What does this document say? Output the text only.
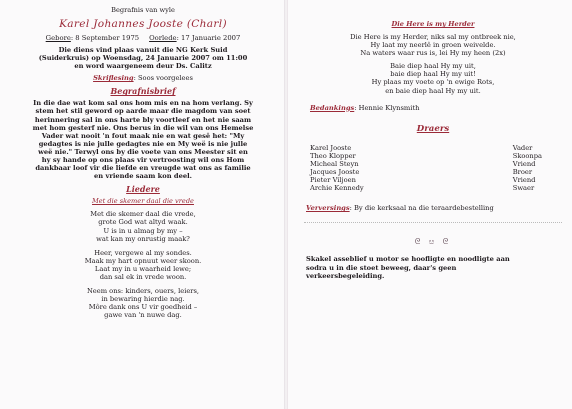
Begrafnis van wyle
Karel Johannes Jooste (Charl)
Gebore: 8 September 1975 Oorlede: 17 Januarie 2007
Die diens vind plaas vanuit die NG Kerk Suid
(Suiderkruis) op Woensdag, 24 Januarie 2007 om 11:00
en word waargeneem deur Ds. Calitz
Skriflesing: Soos voorgelees
Begrafnisbrief
In die dae wat kom sal ons hom mis en na hom verlang. Sy
stem het stil geword op aarde maar die magdom van soet
herinnering sal in ons harte bly voortleef en het nie saam
met hom gesterf nie. Ons berus in die wil van ons Hemelse
Vader wat nooit 'n fout maak nie en wat gesê het: "My
gedagtes is nie julle gedagtes nie en My weë is nie julle
weë nie." Terwyl ons by die voete van ons Meester sit en
hy sy hande op ons plaas vir vertroosting wil ons Hom
dankbaar loof vir die liefde en vreugde wat ons as familie
en vriende saam kon deel.
Liedere
Met die skemer daal die vrede
Met die skemer daal die vrede,
grote God wat altyd waak.
U is in u almag by my –
wat kan my onrustig maak?
Heer, vergewe al my sondes.
Maak my hart opnuut weer skoon.
Laat my in u waarheid lewe;
dan sal ek in vrede woon.
Neem ons: kinders, ouers, leiers,
in bewaring hierdie nag.
Môre dank ons U vir goedheid –
gawe van 'n nuwe dag.
Die Here is my Herder
Die Here is my Herder, niks sal my ontbreek nie,
Hy laat my neerlê in groen weivelde.
Na waters waar rus is, lei Hy my heen (2x)
Baie diep haal Hy my uit,
baie diep haal Hy my uit!
Hy plaas my voete op 'n ewige Rots,
en baie diep haal Hy my uit.
Bedankings: Hennie Klynsmith
Draers
Karel Jooste
Theo Klopper
Micheal Steyn
Jacques Jooste
Pieter Viljoen
Archie Kennedy
Vader
Skoonpa
Vriend
Broer
Vriend
Swaer
Verversings: By die kerksaal na die teraardebestelling
ᘓ ೞ ᘓ
Skakel asseblief u motor se hoofligte en noodligte aan
sodra u in die stoet beweeg, daar's geen
verkeersbegeleiding.
